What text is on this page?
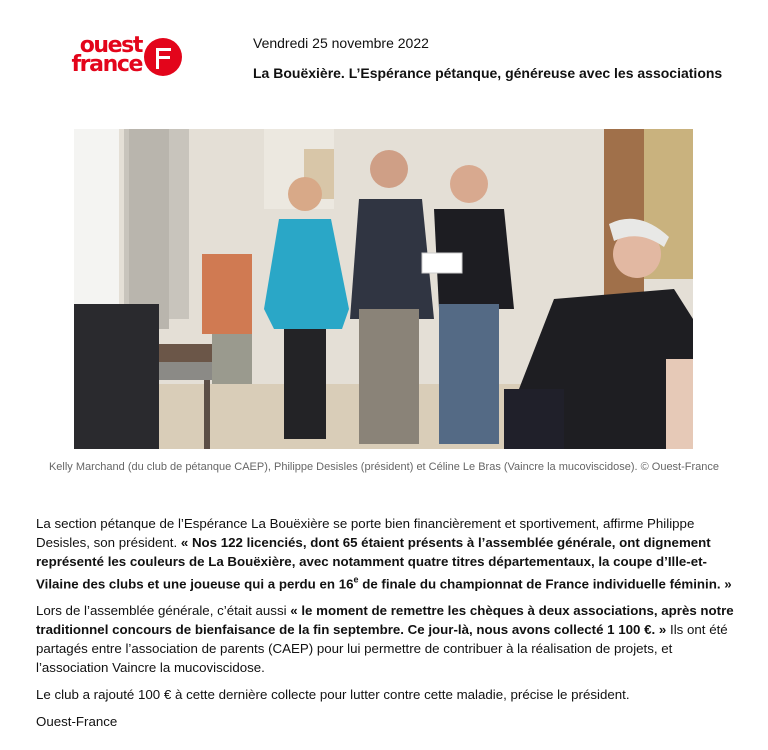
ouest
france
Vendredi 25 novembre 2022
La Bouëxière. L’Espérance pétanque, généreuse avec les associations
Kelly Marchand (du club de pétanque CAEP), Philippe Desisles (président) et Céline Le Bras (Vaincre la mucoviscidose). © Ouest-France

La section pétanque de l’Espérance La Bouëxière se porte bien financièrement et sportivement, affirme Philippe Desisles, son président. « Nos 122 licenciés, dont 65 étaient présents à l’assemblée générale, ont dignement représenté les couleurs de La Bouëxière, avec notamment quatre titres départementaux, la coupe d’Ille-et-Vilaine des clubs et une joueuse qui a perdu en 16e de finale du championnat de France individuelle féminin. »

Lors de l’assemblée générale, c’était aussi « le moment de remettre les chèques à deux associations, après notre traditionnel concours de bienfaisance de la fin septembre. Ce jour-là, nous avons collecté 1 100 €. » Ils ont été partagés entre l’association de parents (CAEP) pour lui permettre de contribuer à la réalisation de projets, et l’association Vaincre la mucoviscidose.

Le club a rajouté 100 € à cette dernière collecte pour lutter contre cette maladie, précise le président.

Ouest-France
